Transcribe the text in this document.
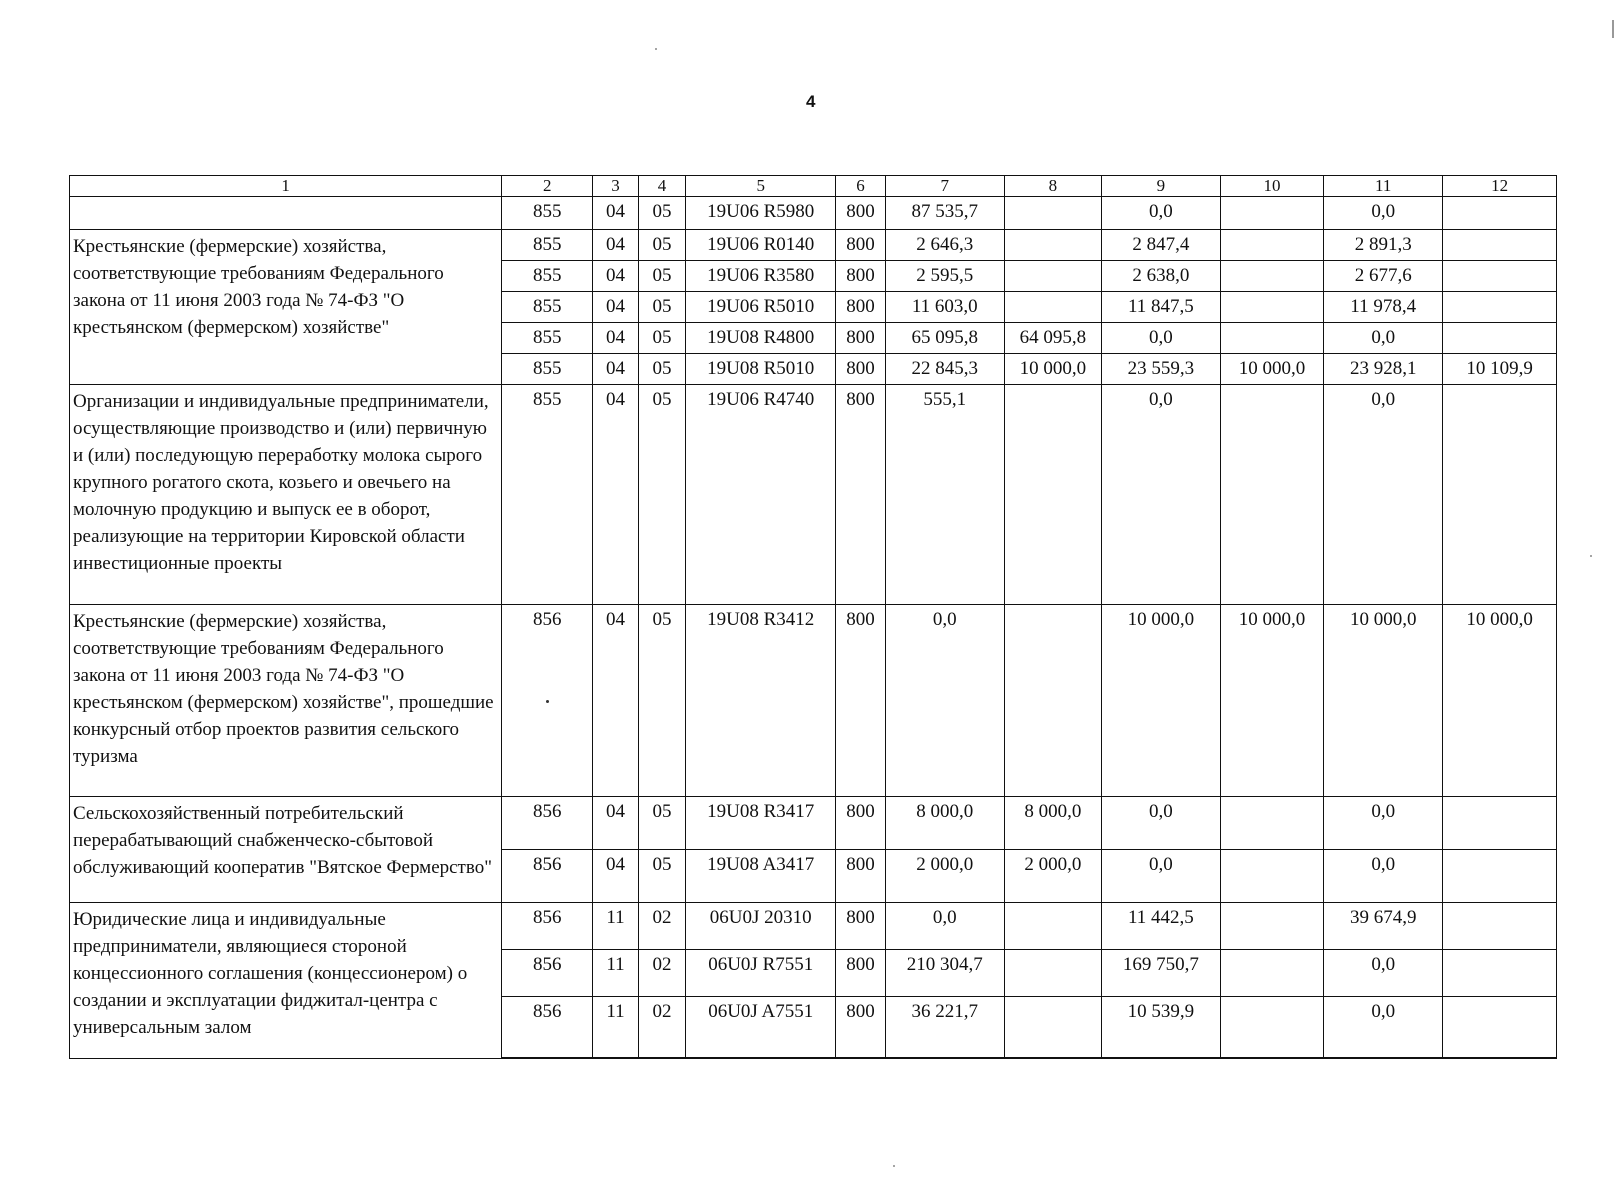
4
1	2	3	4	5	6	7	8	9	10	11	12
	855	04	05	19U06 R5980	800	87 535,7		0,0		0,0	
Крестьянские (фермерские) хозяйства, соответствующие требованиям Федерального закона от 11 июня 2003 года № 74-ФЗ "О крестьянском (фермерском) хозяйстве"	855	04	05	19U06 R0140	800	2 646,3		2 847,4		2 891,3	
	855	04	05	19U06 R3580	800	2 595,5		2 638,0		2 677,6	
	855	04	05	19U06 R5010	800	11 603,0		11 847,5		11 978,4	
	855	04	05	19U08 R4800	800	65 095,8	64 095,8	0,0		0,0	
	855	04	05	19U08 R5010	800	22 845,3	10 000,0	23 559,3	10 000,0	23 928,1	10 109,9
Организации и индивидуальные предприниматели, осуществляющие производство и (или) первичную и (или) последующую переработку молока сырого крупного рогатого скота, козьего и овечьего на молочную продукцию и выпуск ее в оборот, реализующие на территории Кировской области инвестиционные проекты	855	04	05	19U06 R4740	800	555,1		0,0		0,0	
Крестьянские (фермерские) хозяйства, соответствующие требованиям Федерального закона от 11 июня 2003 года № 74-ФЗ "О крестьянском (фермерском) хозяйстве", прошедшие конкурсный отбор проектов развития сельского туризма	856	04	05	19U08 R3412	800	0,0		10 000,0	10 000,0	10 000,0	10 000,0
Сельскохозяйственный потребительский перерабатывающий снабженческо-сбытовой обслуживающий кооператив "Вятское Фермерство"	856	04	05	19U08 R3417	800	8 000,0	8 000,0	0,0		0,0	
	856	04	05	19U08 A3417	800	2 000,0	2 000,0	0,0		0,0	
Юридические лица и индивидуальные предприниматели, являющиеся стороной концессионного соглашения (концессионером) о создании и эксплуатации фиджитал-центра с универсальным залом	856	11	02	06U0J 20310	800	0,0		11 442,5		39 674,9	
	856	11	02	06U0J R7551	800	210 304,7		169 750,7		0,0	
	856	11	02	06U0J A7551	800	36 221,7		10 539,9		0,0	
